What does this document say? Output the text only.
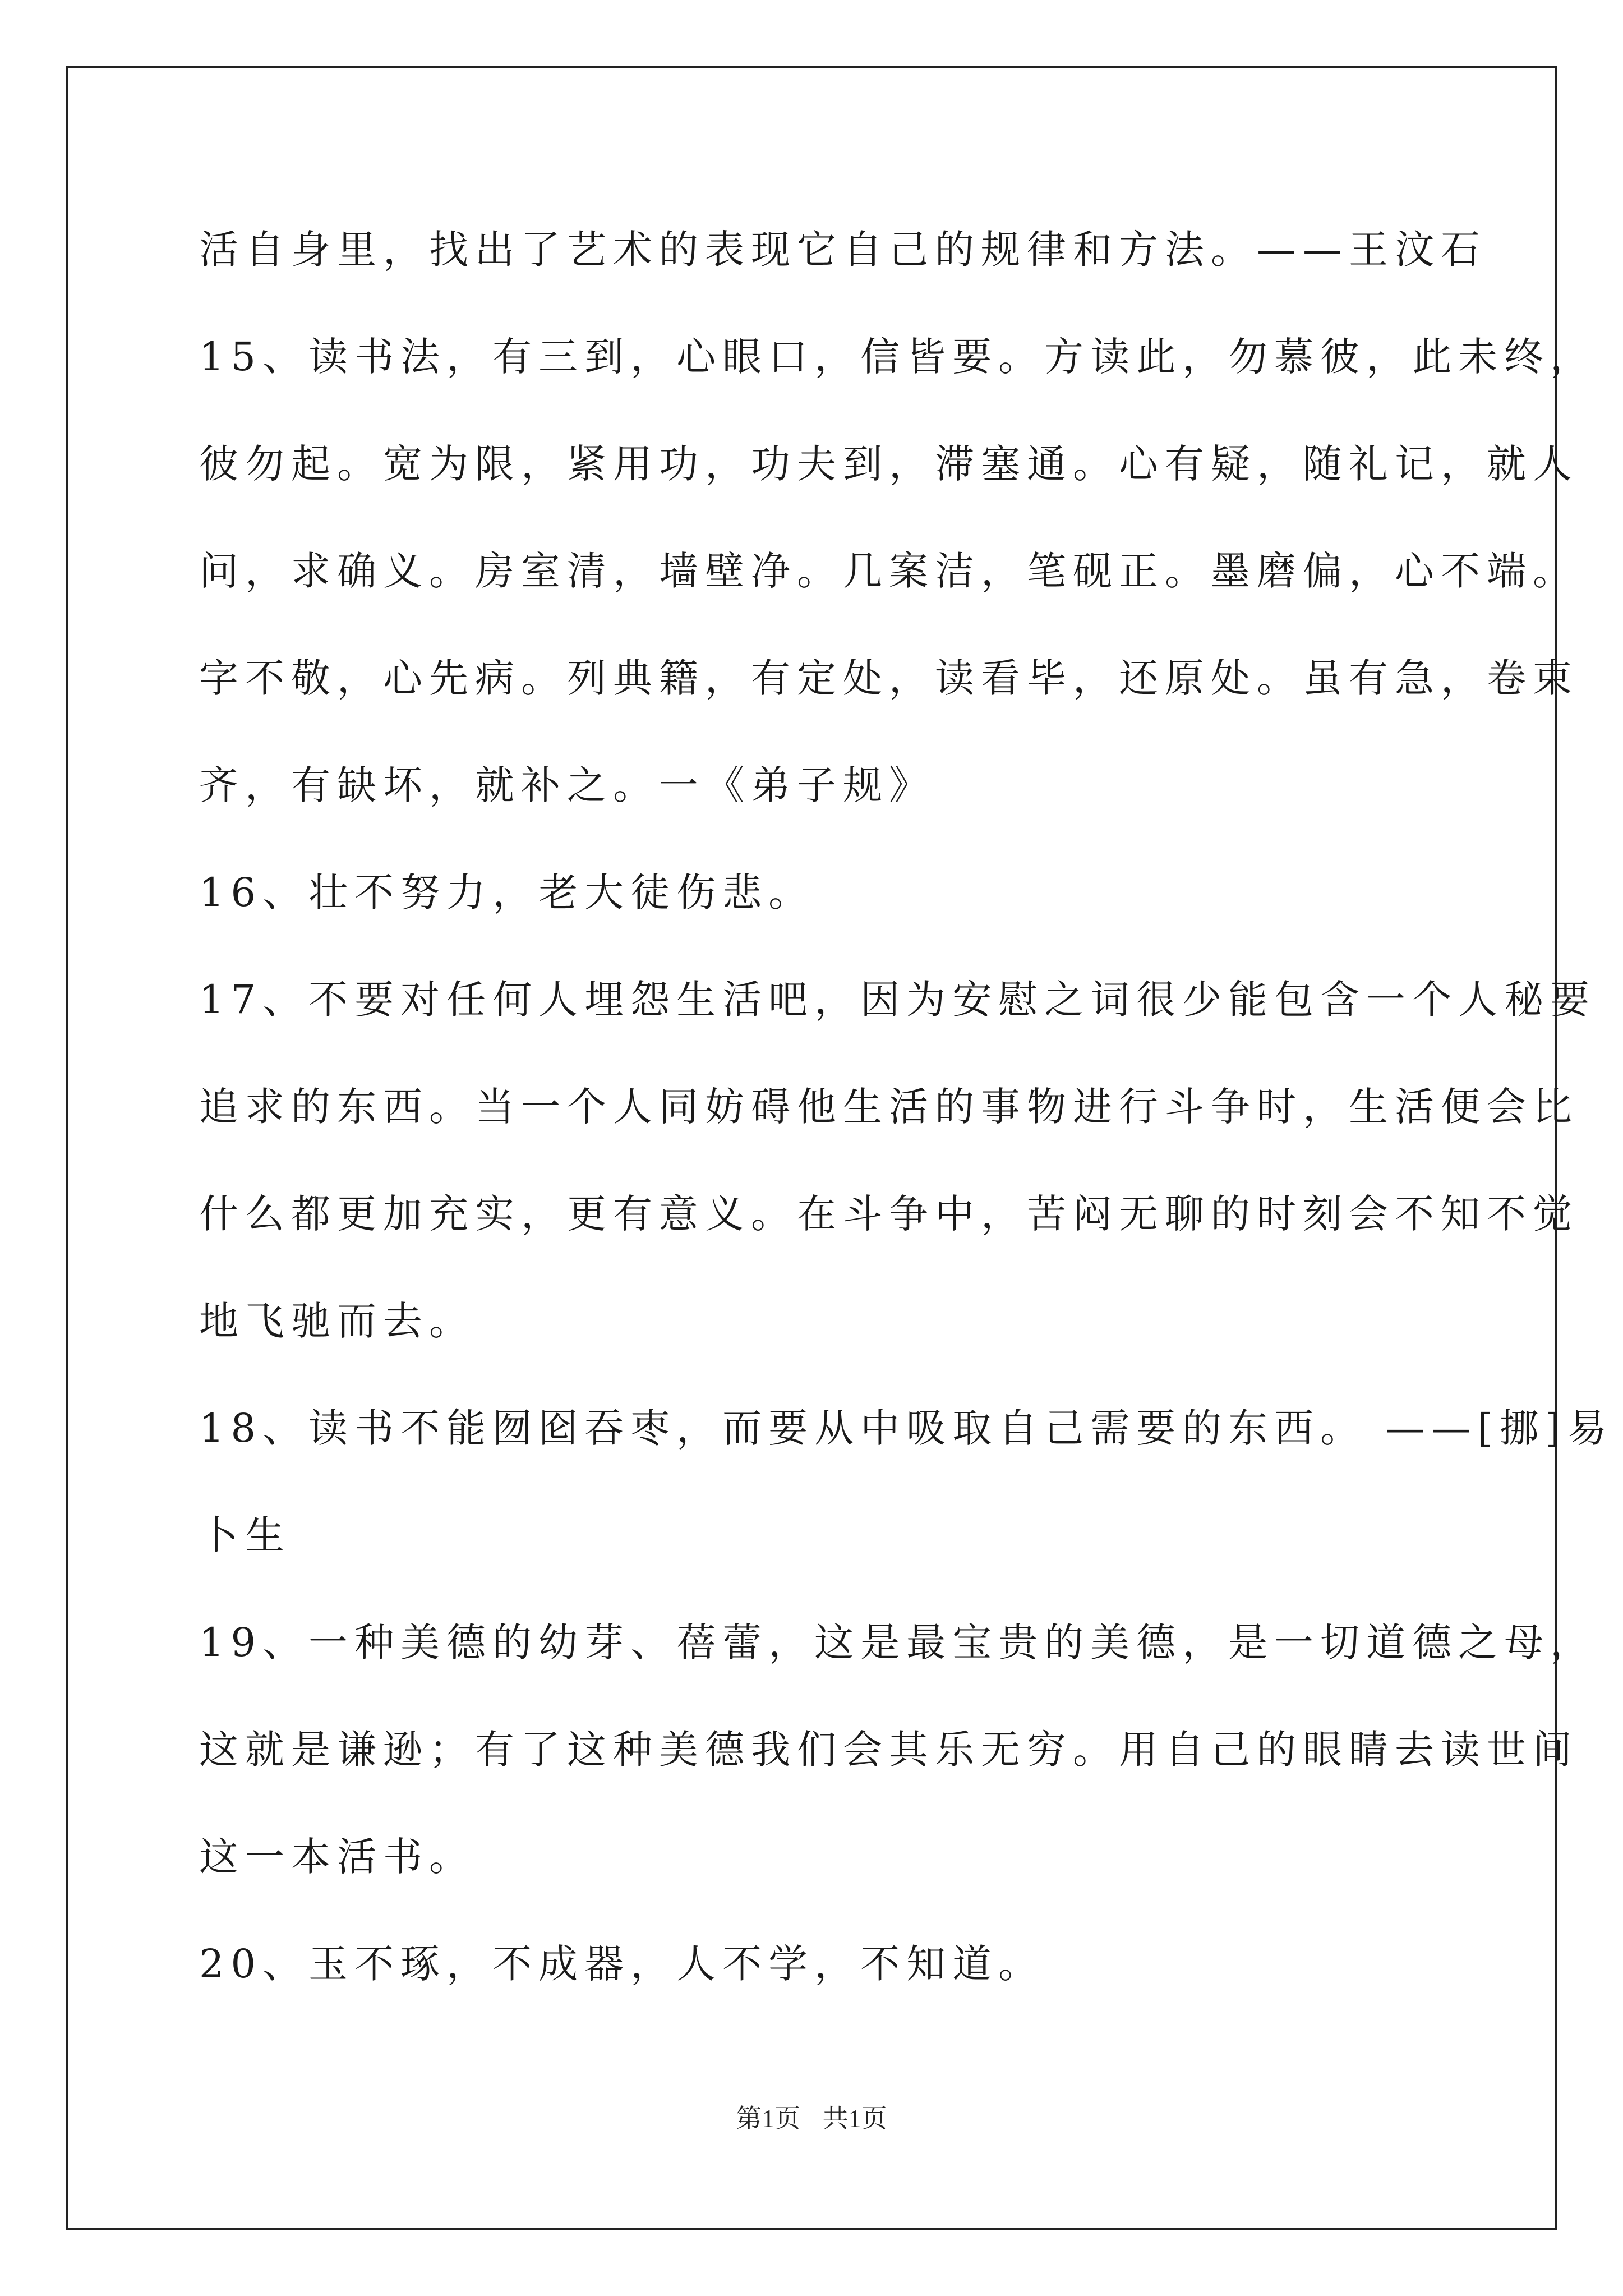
活自身里，找出了艺术的表现它自己的规律和方法。——王汶石
15、读书法，有三到，心眼口，信皆要。方读此，勿慕彼，此未终，
彼勿起。宽为限，紧用功，功夫到，滞塞通。心有疑，随礼记，就人
问，求确义。房室清，墙壁净。几案洁，笔砚正。墨磨偏，心不端。
字不敬，心先病。列典籍，有定处，读看毕，还原处。虽有急，卷束
齐，有缺坏，就补之。一《弟子规》
16、壮不努力，老大徒伤悲。
17、不要对任何人埋怨生活吧，因为安慰之词很少能包含一个人秘要
追求的东西。当一个人同妨碍他生活的事物进行斗争时，生活便会比
什么都更加充实，更有意义。在斗争中，苦闷无聊的时刻会不知不觉
地飞驰而去。
18、读书不能囫囵吞枣，而要从中吸取自己需要的东西。 ——[挪]易
卜生
19、一种美德的幼芽、蓓蕾，这是最宝贵的美德，是一切道德之母，
这就是谦逊；有了这种美德我们会其乐无穷。用自己的眼睛去读世间
这一本活书。
20、玉不琢，不成器，人不学，不知道。
第1页 共1页
